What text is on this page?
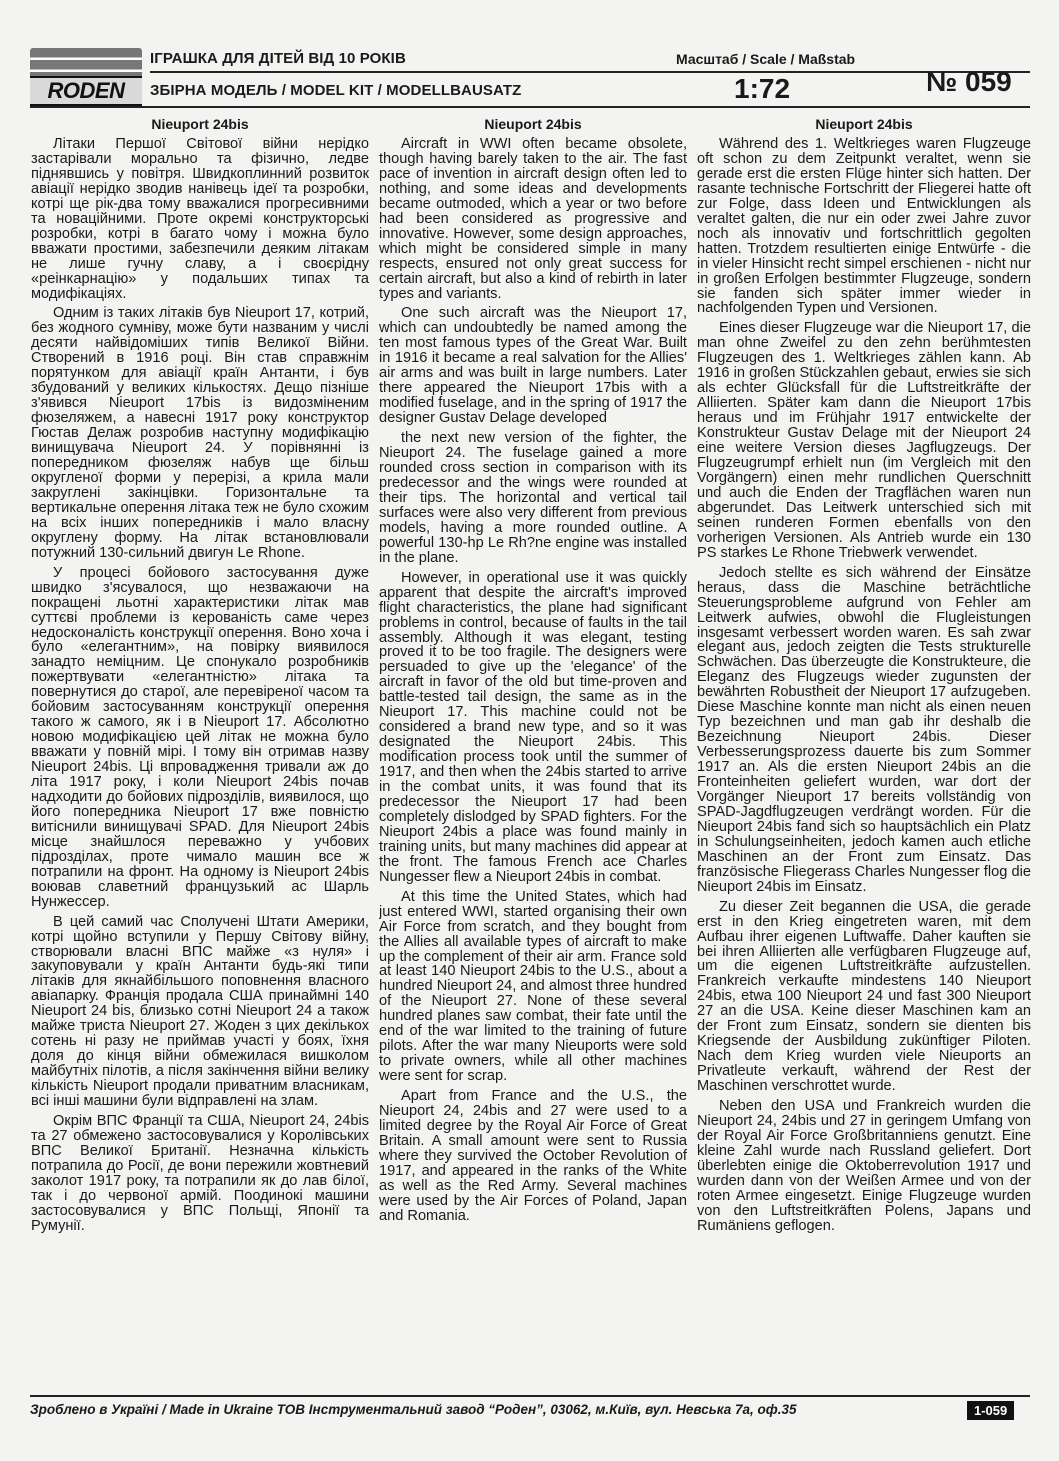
RODEN
ІГРАШКА ДЛЯ ДІТЕЙ ВІД 10 РОКІВ
ЗБІРНА МОДЕЛЬ / MODEL KIT / MODELLBAUSATZ
Масштаб / Scale / Maßstab
1:72	№ 059
Nieuport 24bis

Літаки Першої Світової війни нерідко застарівали морально та фізично, ледве піднявшись у повітря. Швидкоплинний розвиток авіації нерідко зводив нанівець ідеї та розробки, котрі ще рік-два тому вважалися прогресивними та новаційними. Проте окремі конструкторські розробки, котрі в багато чому і можна було вважати простими, забезпечили деяким літакам не лише гучну славу, а і своєрідну «реінкарнацію» у подальших типах та модифікаціях.

Одним із таких літаків був Nieuport 17, котрий, без жодного сумніву, може бути названим у числі десяти найвідоміших типів Великої Війни. Створений в 1916 році. Він став справжнім порятунком для авіації країн Антанти, і був збудований у великих кількостях. Дещо пізніше з'явився Nieuport 17bis із видозміненим фюзеляжем, а навесні 1917 року конструктор Гюстав Делаж розробив наступну модифікацію винищувача Nieuport 24. У порівнянні із попередником фюзеляж набув ще більш округленої форми у перерізі, а крила мали закруглені закінцівки. Горизонтальне та вертикальне оперення літака теж не було схожим на всіх інших попередників і мало власну округлену форму. На літак встановлювали потужний 130-сильний двигун Le Rhone.

У процесі бойового застосування дуже швидко з'ясувалося, що незважаючи на покращені льотні характеристики літак мав суттєві проблеми із керованість саме через недосконалість конструкції оперення. Воно хоча і було «елегантним», на повірку виявилося занадто неміцним. Це спонукало розробників пожертвувати «елегантністю» літака та повернутися до старої, але перевіреної часом та бойовим застосуванням конструкції оперення такого ж самого, як і в Nieuport 17. Абсолютно новою модифікацією цей літак не можна було вважати у повній мірі. І тому він отримав назву Nieuport 24bis. Ці впровадження тривали аж до літа 1917 року, і коли Nieuport 24bis почав надходити до бойових підрозділів, виявилося, що його попередника Nieuport 17 вже повністю витіснили винищувачі SPAD. Для Nieuport 24bis місце знайшлося переважно у учбових підрозділах, проте чимало машин все ж потрапили на фронт. На одному із Nieuport 24bis воював славетний французький ас Шарль Нунжессер.

В цей самий час Сполучені Штати Америки, котрі щойно вступили у Першу Світову війну, створювали власні ВПС майже «з нуля» і закуповували у країн Антанти будь-які типи літаків для якнайбільшого поповнення власного авіапарку. Франція продала США принаймні 140 Nieuport 24 bis, близько сотні Nieuport 24 а також майже триста Nieuport 27. Жоден з цих декількох сотень ні разу не приймав участі у боях, їхня доля до кінця війни обмежилася вишколом майбутніх пілотів, а після закінчення війни велику кількість Nieuport продали приватним власникам, всі інші машини були відправлені на злам.

Окрім ВПС Франції та США, Nieuport 24, 24bis та 27 обмежено застосовувалися у Королівських ВПС Великої Британії. Незначна кількість потрапила до Росії, де вони пережили жовтневий заколот 1917 року, та потрапили як до лав білої, так і до червоної армій. Поодинокі машини застосовувалися у ВПС Польщі, Японії та Румунії.

Nieuport 24bis

Aircraft in WWI often became obsolete, though having barely taken to the air. The fast pace of invention in aircraft design often led to nothing, and some ideas and developments became outmoded, which a year or two before had been considered as progressive and innovative. However, some design approaches, which might be considered simple in many respects, ensured not only great success for certain aircraft, but also a kind of rebirth in later types and variants.

One such aircraft was the Nieuport 17, which can undoubtedly be named among the ten most famous types of the Great War. Built in 1916 it became a real salvation for the Allies' air arms and was built in large numbers. Later there appeared the Nieuport 17bis with a modified fuselage, and in the spring of 1917 the designer Gustav Delage developed

the next new version of the fighter, the Nieuport 24. The fuselage gained a more rounded cross section in comparison with its predecessor and the wings were rounded at their tips. The horizontal and vertical tail surfaces were also very different from previous models, having a more rounded outline. A powerful 130-hp Le Rh?ne engine was installed in the plane.

However, in operational use it was quickly apparent that despite the aircraft's improved flight characteristics, the plane had significant problems in control, because of faults in the tail assembly. Although it was elegant, testing proved it to be too fragile. The designers were persuaded to give up the 'elegance' of the aircraft in favor of the old but time-proven and battle-tested tail design, the same as in the Nieuport 17. This machine could not be considered a brand new type, and so it was designated the Nieuport 24bis. This modification process took until the summer of 1917, and then when the 24bis started to arrive in the combat units, it was found that its predecessor the Nieuport 17 had been completely dislodged by SPAD fighters. For the Nieuport 24bis a place was found mainly in training units, but many machines did appear at the front. The famous French ace Charles Nungesser flew a Nieuport 24bis in combat.

At this time the United States, which had just entered WWI, started organising their own Air Force from scratch, and they bought from the Allies all available types of aircraft to make up the complement of their air arm. France sold at least 140 Nieuport 24bis to the U.S., about a hundred Nieuport 24, and almost three hundred of the Nieuport 27. None of these several hundred planes saw combat, their fate until the end of the war limited to the training of future pilots. After the war many Nieuports were sold to private owners, while all other machines were sent for scrap.

Apart from France and the U.S., the Nieuport 24, 24bis and 27 were used to a limited degree by the Royal Air Force of Great Britain. A small amount were sent to Russia where they survived the October Revolution of 1917, and appeared in the ranks of the White as well as the Red Army. Several machines were used by the Air Forces of Poland, Japan and Romania.

Nieuport 24bis

Während des 1. Weltkrieges waren Flugzeuge oft schon zu dem Zeitpunkt veraltet, wenn sie gerade erst die ersten Flüge hinter sich hatten. Der rasante technische Fortschritt der Fliegerei hatte oft zur Folge, dass Ideen und Entwicklungen als veraltet galten, die nur ein oder zwei Jahre zuvor noch als innovativ und fortschrittlich gegolten hatten. Trotzdem resultierten einige Entwürfe - die in vieler Hinsicht recht simpel erschienen - nicht nur in großen Erfolgen bestimmter Flugzeuge, sondern sie fanden sich später immer wieder in nachfolgenden Typen und Versionen.

Eines dieser Flugzeuge war die Nieuport 17, die man ohne Zweifel zu den zehn berühmtesten Flugzeugen des 1. Weltkrieges zählen kann. Ab 1916 in großen Stückzahlen gebaut, erwies sie sich als echter Glücksfall für die Luftstreitkräfte der Alliierten. Später kam dann die Nieuport 17bis heraus und im Frühjahr 1917 entwickelte der Konstrukteur Gustav Delage mit der Nieuport 24 eine weitere Version dieses Jagflugzeugs. Der Flugzeugrumpf erhielt nun (im Vergleich mit den Vorgängern) einen mehr rundlichen Querschnitt und auch die Enden der Tragflächen waren nun abgerundet. Das Leitwerk unterschied sich mit seinen runderen Formen ebenfalls von den vorherigen Versionen. Als Antrieb wurde ein 130 PS starkes Le Rhone Triebwerk verwendet.

Jedoch stellte es sich während der Einsätze heraus, dass die Maschine beträchtliche Steuerungsprobleme aufgrund von Fehler am Leitwerk aufwies, obwohl die Flugleistungen insgesamt verbessert worden waren. Es sah zwar elegant aus, jedoch zeigten die Tests strukturelle Schwächen. Das überzeugte die Konstrukteure, die Eleganz des Flugzeugs wieder zugunsten der bewährten Robustheit der Nieuport 17 aufzugeben. Diese Maschine konnte man nicht als einen neuen Typ bezeichnen und man gab ihr deshalb die Bezeichnung Nieuport 24bis. Dieser Verbesserungsprozess dauerte bis zum Sommer 1917 an. Als die ersten Nieuport 24bis an die Fronteinheiten geliefert wurden, war dort der Vorgänger Nieuport 17 bereits vollständig von SPAD-Jagdflugzeugen verdrängt worden. Für die Nieuport 24bis fand sich so hauptsächlich ein Platz in Schulungseinheiten, jedoch kamen auch etliche Maschinen an der Front zum Einsatz. Das französische Fliegerass Charles Nungesser flog die Nieuport 24bis im Einsatz.

Zu dieser Zeit begannen die USA, die gerade erst in den Krieg eingetreten waren, mit dem Aufbau ihrer eigenen Luftwaffe. Daher kauften sie bei ihren Alliierten alle verfügbaren Flugzeuge auf, um die eigenen Luftstreitkräfte aufzustellen. Frankreich verkaufte mindestens 140 Nieuport 24bis, etwa 100 Nieuport 24 und fast 300 Nieuport 27 an die USA. Keine dieser Maschinen kam an der Front zum Einsatz, sondern sie dienten bis Kriegsende der Ausbildung zukünftiger Piloten. Nach dem Krieg wurden viele Nieuports an Privatleute verkauft, während der Rest der Maschinen verschrottet wurde.

Neben den USA und Frankreich wurden die Nieuport 24, 24bis und 27 in geringem Umfang von der Royal Air Force Großbritanniens genutzt. Eine kleine Zahl wurde nach Russland geliefert. Dort überlebten einige die Oktoberrevolution 1917 und wurden dann von der Weißen Armee und von der roten Armee eingesetzt. Einige Flugzeuge wurden von den Luftstreitkräften Polens, Japans und Rumäniens geflogen.

Зроблено в Україні / Made in Ukraine ТОВ Інструментальний завод “Роден”, 03062, м.Київ, вул. Невська 7а, оф.35	1-059
